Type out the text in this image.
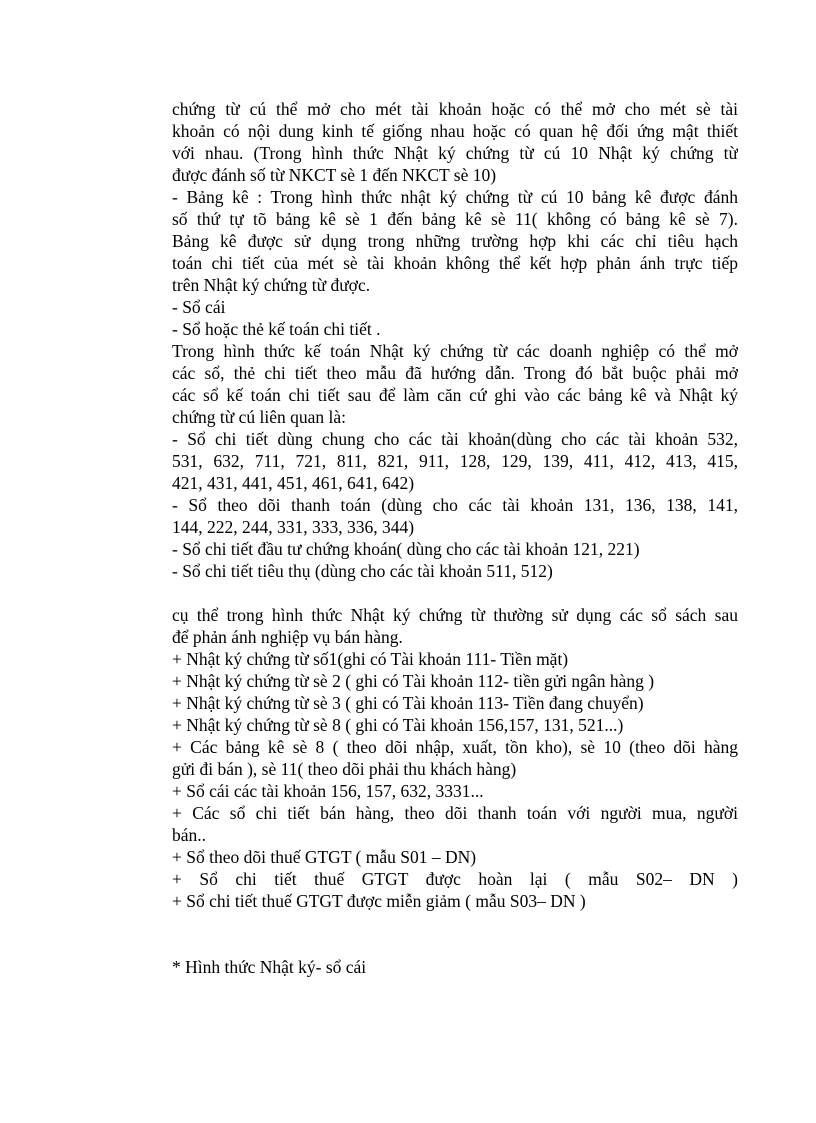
chứng từ cú thể mở cho mét tài khoản hoặc có thể mở cho mét sè tài
khoản có nội dung kinh tế giống nhau hoặc có quan hệ đối ứng mật thiết
với nhau. (Trong hình thức Nhật ký chứng từ cú 10 Nhật ký chứng từ
được đánh số từ NKCT sè 1 đến NKCT sè 10)
- Bảng kê : Trong hình thức nhật ký chứng từ cú 10 bảng kê được đánh
số thứ tự tõ bảng kê sè 1 đến bảng kê sè 11( không có bảng kê sè 7).
Bảng kê được sử dụng trong những trường hợp khi các chỉ tiêu hạch
toán chi tiết của mét sè tài khoản không thể kết hợp phản ánh trực tiếp
trên Nhật ký chứng từ được.
- Sổ cái
- Sổ hoặc thẻ kế toán chi tiết .
Trong hình thức kế toán Nhật ký chứng từ các doanh nghiệp có thể mở
các sổ, thẻ chi tiết theo mẫu đã hướng dẫn. Trong đó bắt buộc phải mở
các sổ kế toán chi tiết sau để làm căn cứ ghi vào các bảng kê và Nhật ký
chứng từ cú liên quan là:
- Sổ chi tiết dùng chung cho các tài khoản(dùng cho các tài khoản 532,
531, 632, 711, 721, 811, 821, 911, 128, 129, 139, 411, 412, 413, 415,
421, 431, 441, 451, 461, 641, 642)
- Sổ theo dõi thanh toán (dùng cho các tài khoản 131, 136, 138, 141,
144, 222, 244, 331, 333, 336, 344)
- Sổ chi tiết đầu tư chứng khoán( dùng cho các tài khoản 121, 221)
- Sổ chi tiết tiêu thụ (dùng cho các tài khoản 511, 512)
cụ thể trong hình thức Nhật ký chứng từ thường sử dụng các sổ sách sau
để phản ánh nghiệp vụ bán hàng.
+ Nhật ký chứng từ số1(ghi có Tài khoản 111- Tiền mặt)
+ Nhật ký chứng từ sè 2 ( ghi có Tài khoản 112- tiền gửi ngân hàng )
+ Nhật ký chứng từ sè 3 ( ghi có Tài khoản 113- Tiền đang chuyển)
+ Nhật ký chứng từ sè 8 ( ghi có Tài khoản 156,157, 131, 521...)
+ Các bảng kê sè 8 ( theo dõi nhập, xuất, tồn kho), sè 10 (theo dõi hàng
gửi đi bán ), sè 11( theo dõi phải thu khách hàng)
+ Sổ cái các tài khoản 156, 157, 632, 3331...
+ Các sổ chi tiết bán hàng, theo dõi thanh toán với người mua, người
bán..
+ Sổ theo dõi thuế GTGT ( mẫu S01 – DN)
+ Sổ chi tiết thuế GTGT được hoàn lại ( mẫu S02– DN )
+ Sổ chi tiết thuế GTGT được miễn giảm ( mẫu S03– DN )
* Hình thức Nhật ký- sổ cái
